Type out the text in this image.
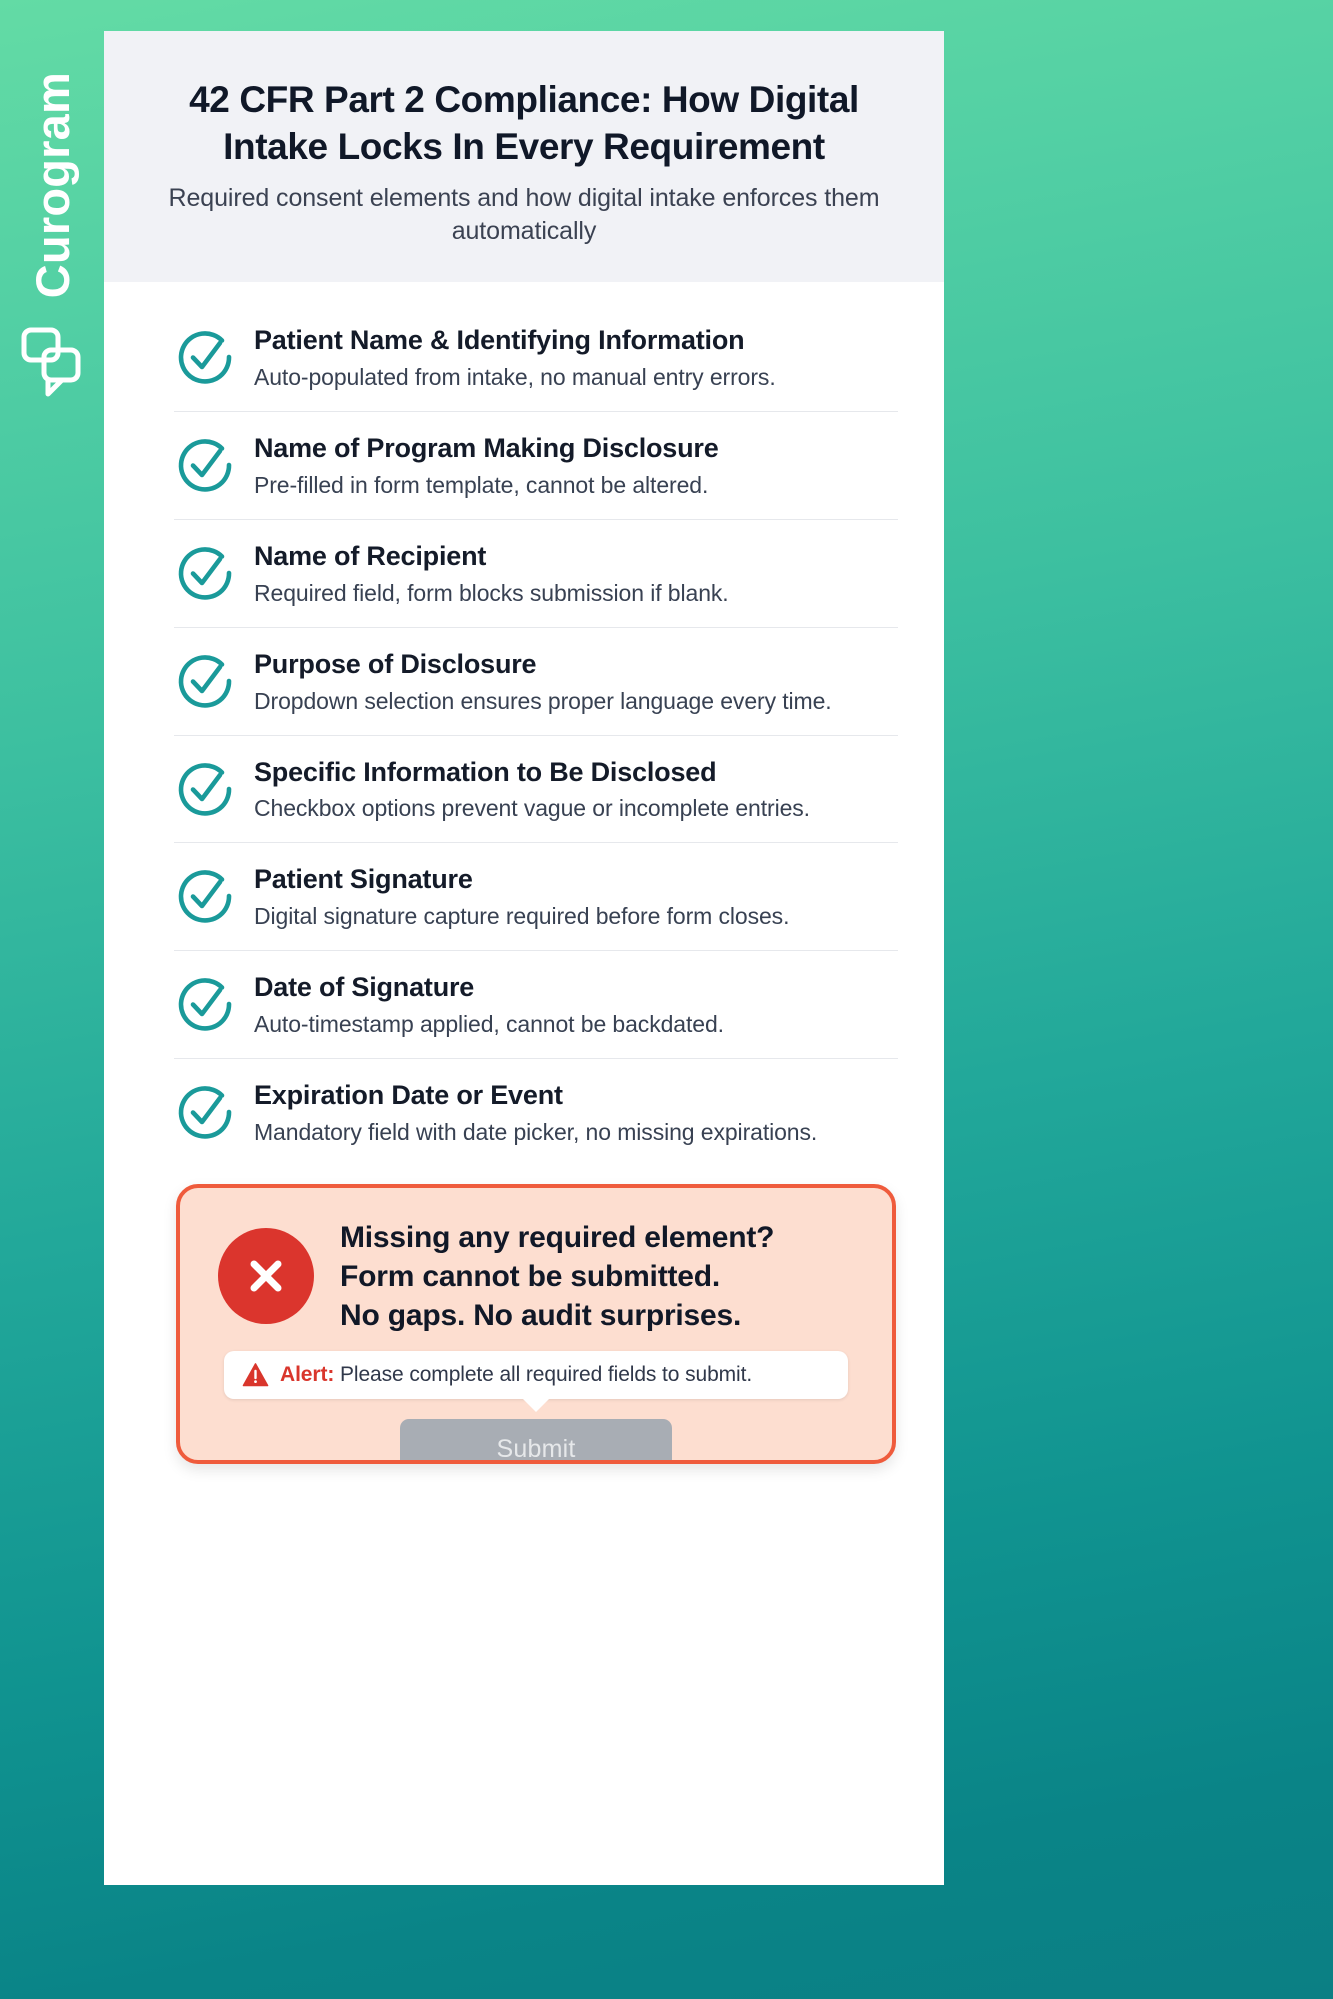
Curogram	42 CFR Part 2 Compliance: How Digital Intake Locks In Every Requirement
Required consent elements and how digital intake enforces them automatically
Patient Name & Identifying Information
Auto-populated from intake, no manual entry errors.
Name of Program Making Disclosure
Pre-filled in form template, cannot be altered.
Name of Recipient
Required field, form blocks submission if blank.
Purpose of Disclosure
Dropdown selection ensures proper language every time.
Specific Information to Be Disclosed
Checkbox options prevent vague or incomplete entries.
Patient Signature
Digital signature capture required before form closes.
Date of Signature
Auto-timestamp applied, cannot be backdated.
Expiration Date or Event
Mandatory field with date picker, no missing expirations.
Missing any required element?
Form cannot be submitted.
No gaps. No audit surprises.
Alert: Please complete all required fields to submit.
Submit
